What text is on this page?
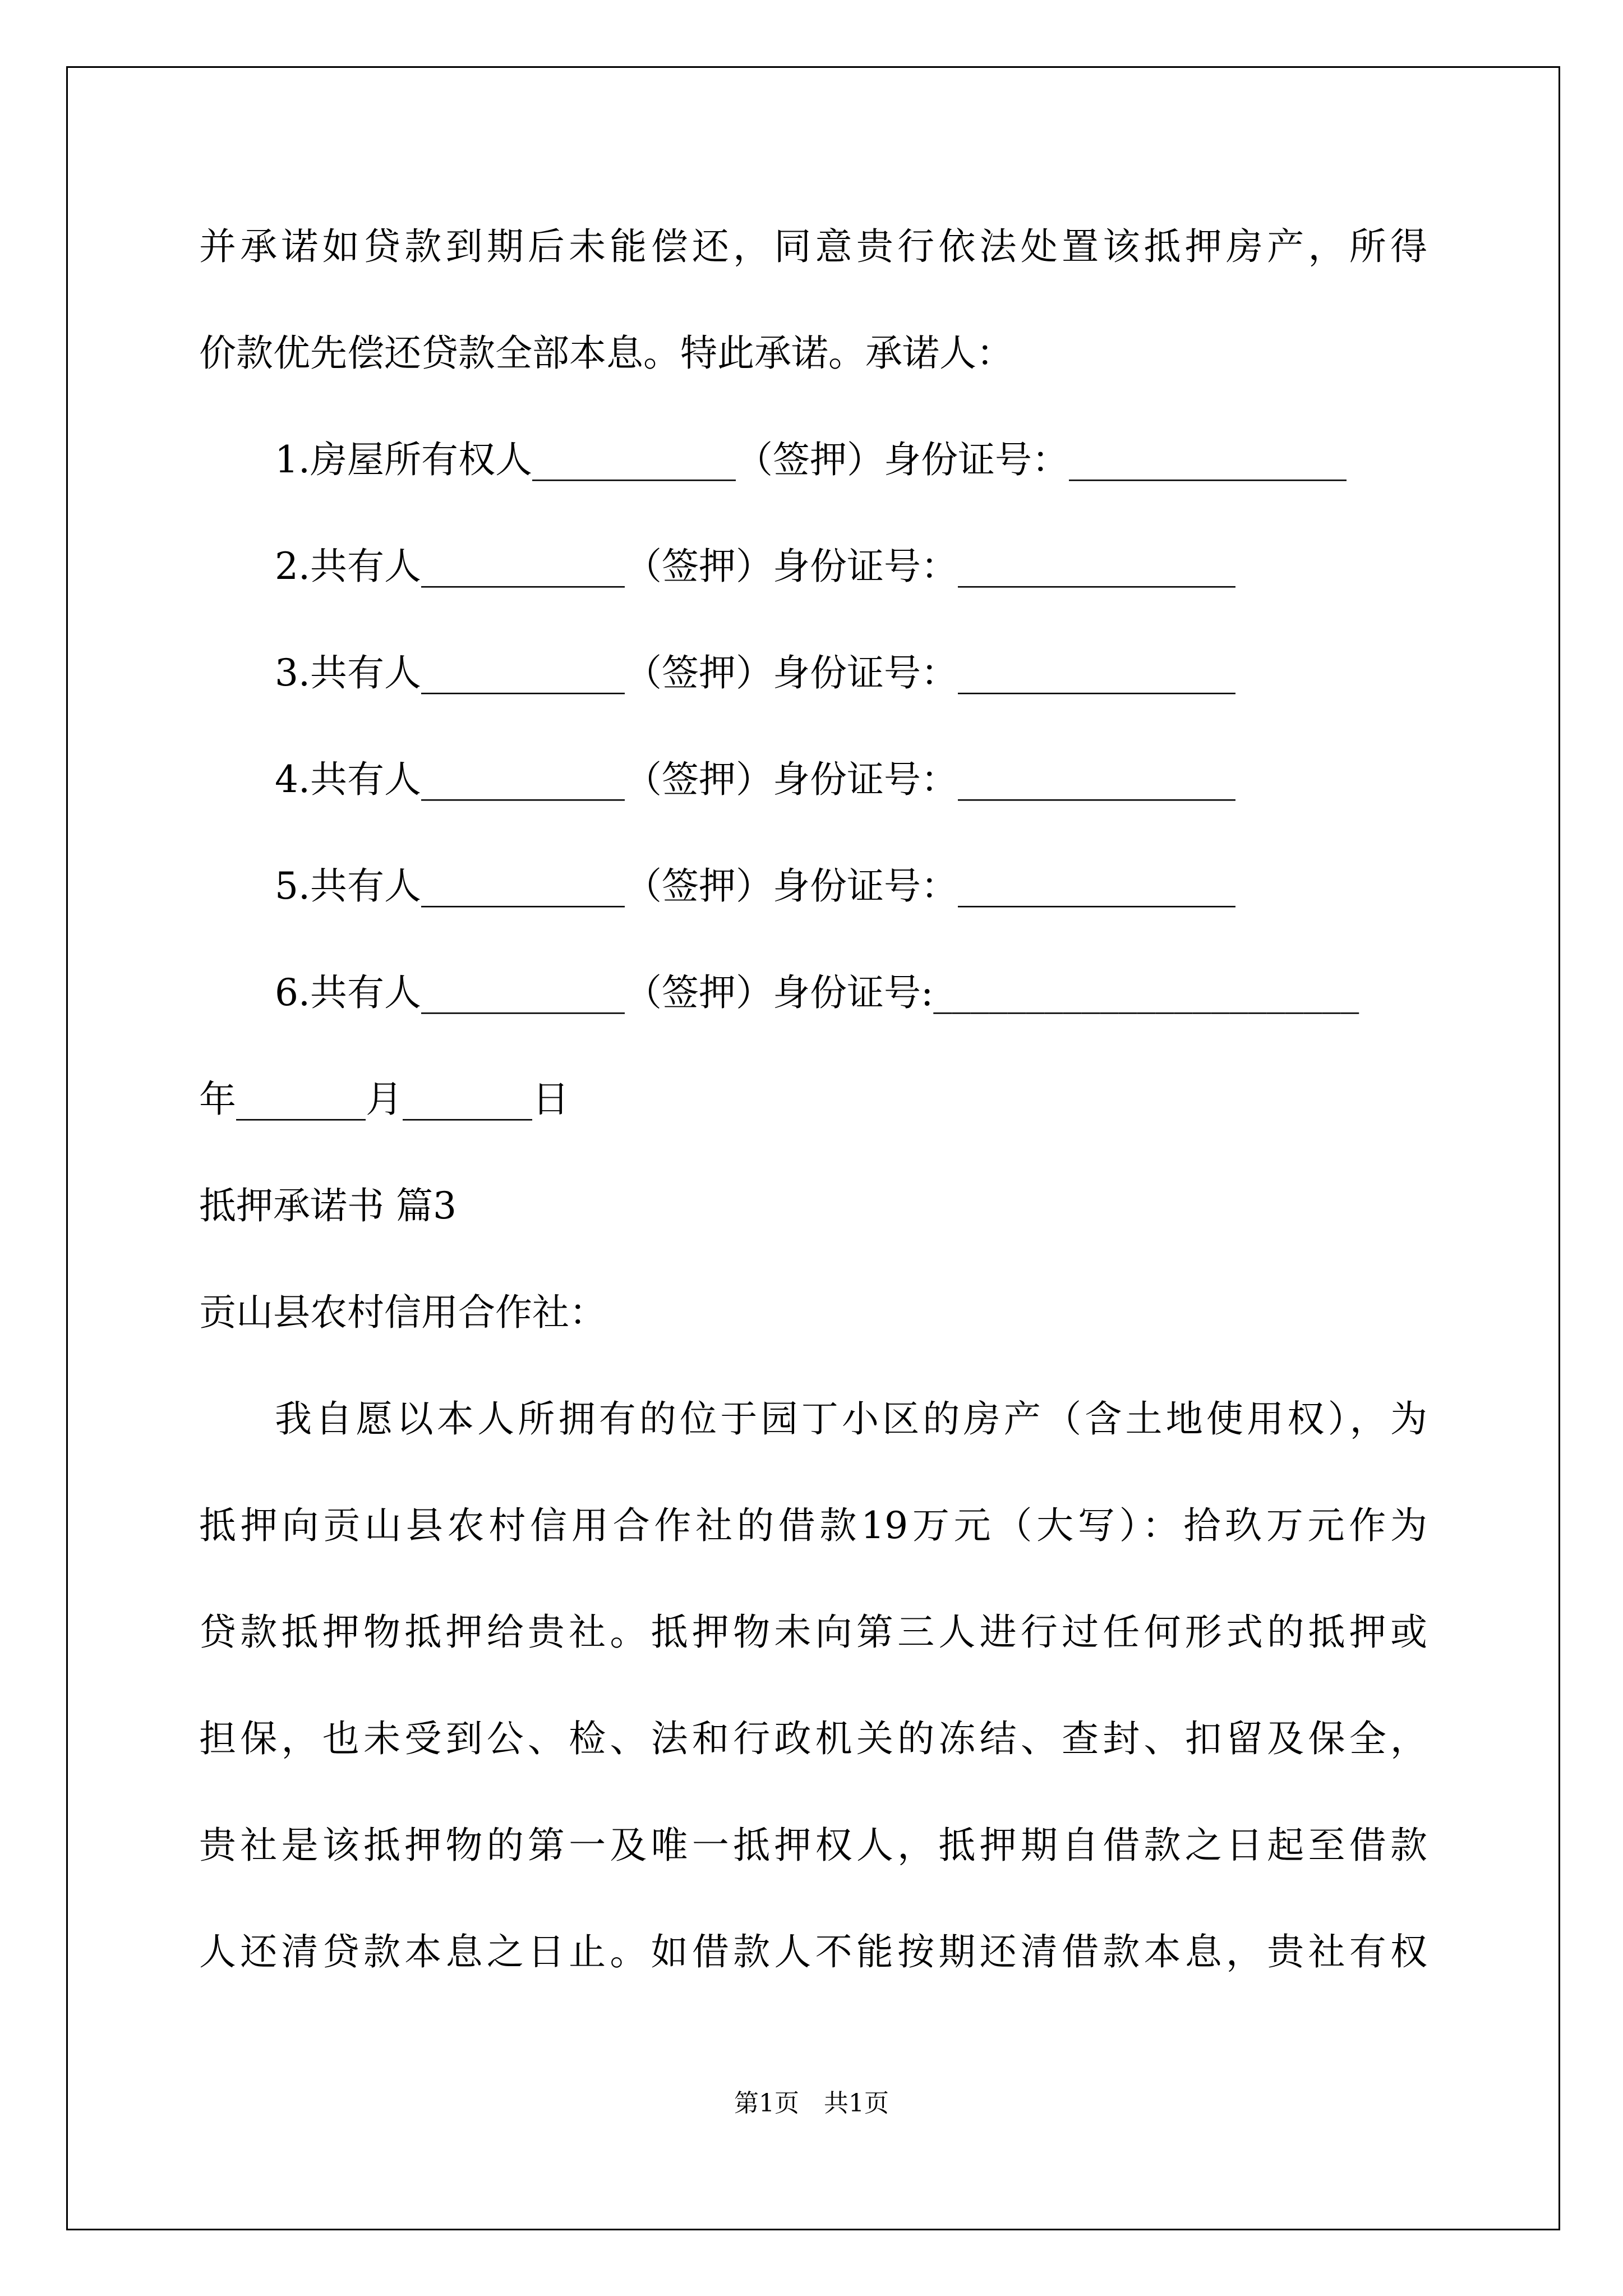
并承诺如贷款到期后未能偿还，同意贵行依法处置该抵押房产，所得
价款优先偿还贷款全部本息。特此承诺。承诺人：
1.房屋所有权人___________（签押）身份证号：_______________
2.共有人___________（签押）身份证号：_______________
3.共有人___________（签押）身份证号：_______________
4.共有人___________（签押）身份证号：_______________
5.共有人___________（签押）身份证号：_______________
6.共有人___________（签押）身份证号:_______________________
年_______月_______日
抵押承诺书 篇3
贡山县农村信用合作社：
我自愿以本人所拥有的位于园丁小区的房产（含土地使用权），为
抵押向贡山县农村信用合作社的借款19万元（大写）：拾玖万元作为
贷款抵押物抵押给贵社。抵押物未向第三人进行过任何形式的抵押或
担保，也未受到公、检、法和行政机关的冻结、查封、扣留及保全，
贵社是该抵押物的第一及唯一抵押权人，抵押期自借款之日起至借款
人还清贷款本息之日止。如借款人不能按期还清借款本息，贵社有权
第1页　共1页
